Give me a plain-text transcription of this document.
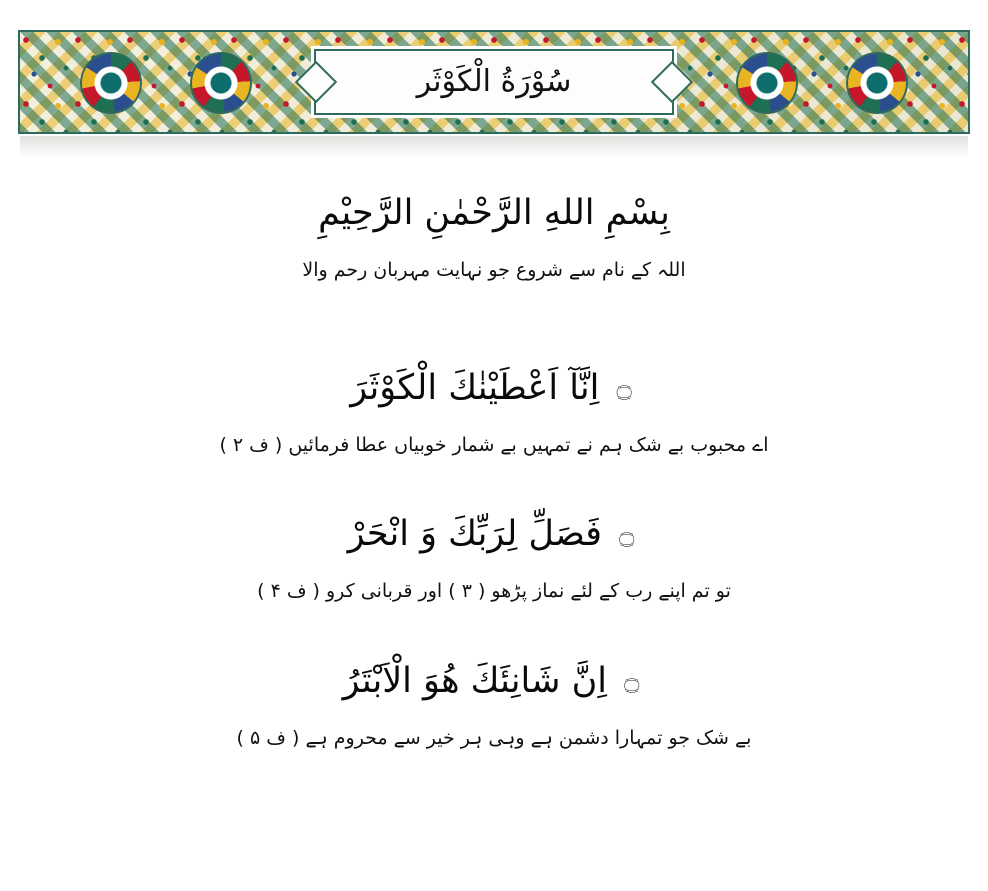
سُوْرَةُ الْكَوْثَر
بِسْمِ اللهِ الرَّحْمٰنِ الرَّحِيْمِ
اللہ کے نام سے شروع جو نہایت مہربان رحم والا
۝ اِنَّآ اَعْطَيْنٰكَ الْكَوْثَرَ
اے محبوب بے شک ہم نے تمہیں بے شمار خوبیاں عطا فرمائیں ( ف ۲ )
۝ فَصَلِّ لِرَبِّكَ وَ انْحَرْ
تو تم اپنے رب کے لئے نماز پڑھو ( ۳ ) اور قربانی کرو ( ف ۴ )
۝ اِنَّ شَانِئَكَ هُوَ الْاَبْتَرُ
بے شک جو تمہارا دشمن ہے وہی ہر خیر سے محروم ہے ( ف ۵ )
